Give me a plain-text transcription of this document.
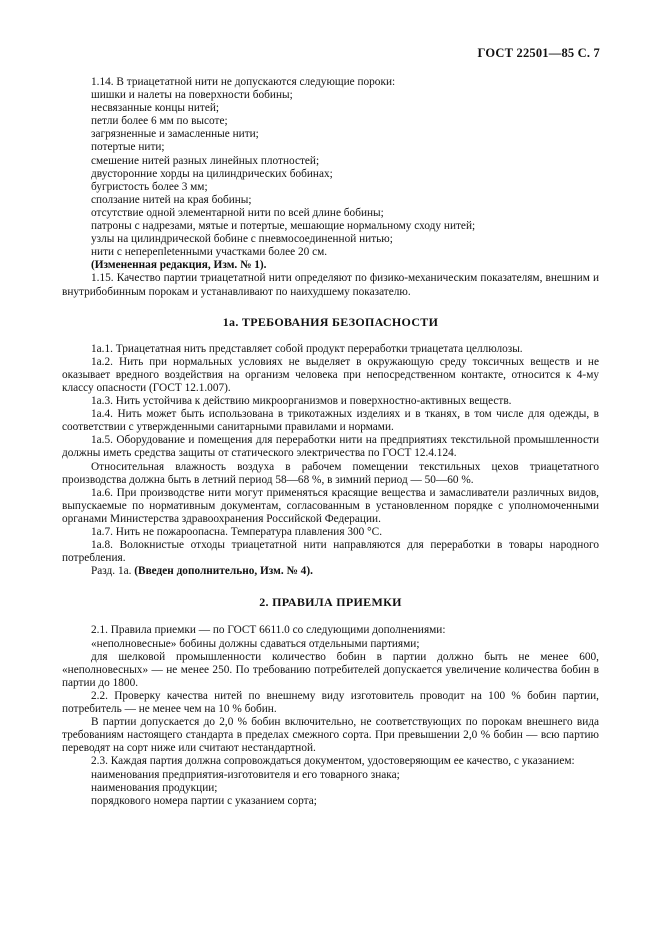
ГОСТ 22501—85 С. 7

1.14. В триацетатной нити не допускаются следующие пороки:

шишки и налеты на поверхности бобины;

несвязанные концы нитей;

петли более 6 мм по высоте;

загрязненные и замасленные нити;

потертые нити;

смешение нитей разных линейных плотностей;

двусторонние хорды на цилиндрических бобинах;

бугристость более 3 мм;

сползание нитей на края бобины;

отсутствие одной элементарной нити по всей длине бобины;

патроны с надрезами, мятые и потертые, мешающие нормальному сходу нитей;

узлы на цилиндрической бобине с пневмосоединенной нитью;

нити с неперепletенными участками более 20 см.

(Измененная редакция, Изм. № 1).

1.15. Качество партии триацетатной нити определяют по физико-механическим показателям, внешним и внутрибобинным порокам и устанавливают по наихудшему показателю.

1а. ТРЕБОВАНИЯ БЕЗОПАСНОСТИ

1а.1. Триацетатная нить представляет собой продукт переработки триацетата целлюлозы.

1а.2. Нить при нормальных условиях не выделяет в окружающую среду токсичных веществ и не оказывает вредного воздействия на организм человека при непосредственном контакте, относится к 4-му классу опасности (ГОСТ 12.1.007).

1а.3. Нить устойчива к действию микроорганизмов и поверхностно-активных веществ.

1а.4. Нить может быть использована в трикотажных изделиях и в тканях, в том числе для одежды, в соответствии с утвержденными санитарными правилами и нормами.

1а.5. Оборудование и помещения для переработки нити на предприятиях текстильной промышленности должны иметь средства защиты от статического электричества по ГОСТ 12.4.124.

Относительная влажность воздуха в рабочем помещении текстильных цехов триацетатного производства должна быть в летний период 58—68 %, в зимний период — 50—60 %.

1а.6. При производстве нити могут применяться красящие вещества и замасливатели различных видов, выпускаемые по нормативным документам, согласованным в установленном порядке с уполномоченными органами Министерства здравоохранения Российской Федерации.

1а.7. Нить не пожароопасна. Температура плавления 300 °С.

1а.8. Волокнистые отходы триацетатной нити направляются для переработки в товары народного потребления.

Разд. 1а. (Введен дополнительно, Изм. № 4).

2. ПРАВИЛА ПРИЕМКИ

2.1. Правила приемки — по ГОСТ 6611.0 со следующими дополнениями:

«неполновесные» бобины должны сдаваться отдельными партиями;

для шелковой промышленности количество бобин в партии должно быть не менее 600, «неполновесных» — не менее 250. По требованию потребителей допускается увеличение количества бобин в партии до 1800.

2.2. Проверку качества нитей по внешнему виду изготовитель проводит на 100 % бобин партии, потребитель — не менее чем на 10 % бобин.

В партии допускается до 2,0 % бобин включительно, не соответствующих по порокам внешнего вида требованиям настоящего стандарта в пределах смежного сорта. При превышении 2,0 % бобин — всю партию переводят на сорт ниже или считают нестандартной.

2.3. Каждая партия должна сопровождаться документом, удостоверяющим ее качество, с указанием:

наименования предприятия-изготовителя и его товарного знака;

наименования продукции;

порядкового номера партии с указанием сорта;
